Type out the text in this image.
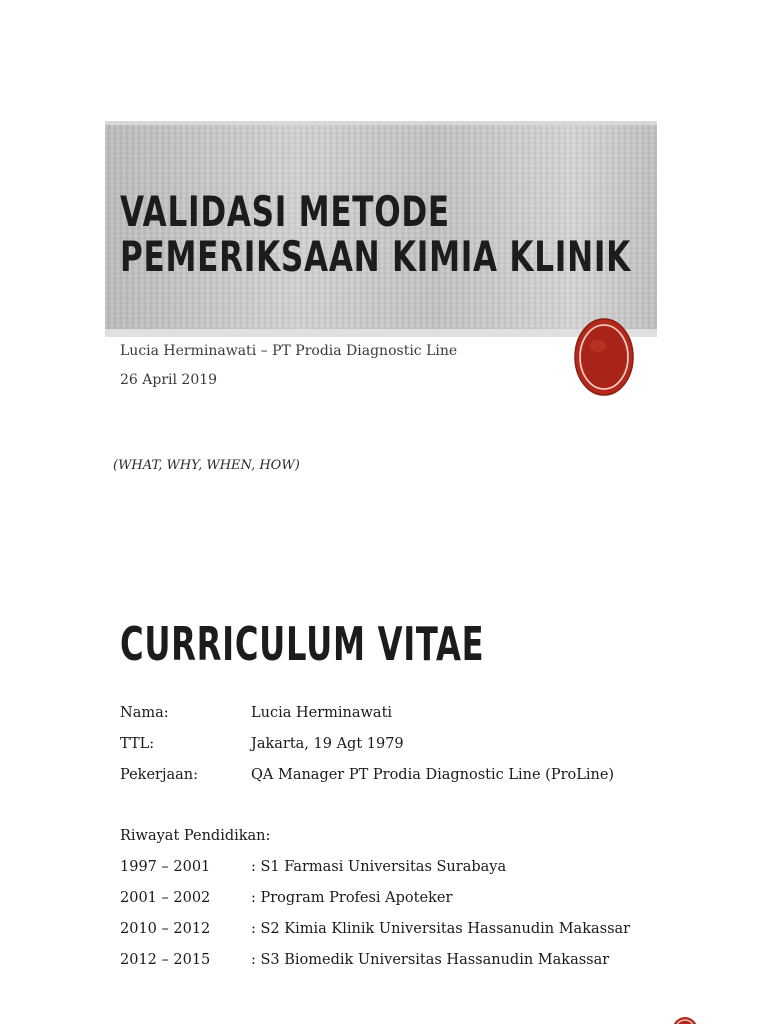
VALIDASI METODE
PEMERIKSAAN KIMIA KLINIK

Lucia Herminawati – PT Prodia Diagnostic Line

26 April 2019

(WHAT, WHY, WHEN, HOW)

CURRICULUM VITAE
Nama:	Lucia Herminawati
TTL:	Jakarta, 19 Agt 1979
Pekerjaan:	QA Manager PT Prodia Diagnostic Line (ProLine)
Riwayat Pendidikan:
1997 – 2001	: S1 Farmasi Universitas Surabaya
2001 – 2002	: Program Profesi Apoteker
2010 – 2012	: S2 Kimia Klinik Universitas Hassanudin Makassar
2012 – 2015	: S3 Biomedik Universitas Hassanudin Makassar
